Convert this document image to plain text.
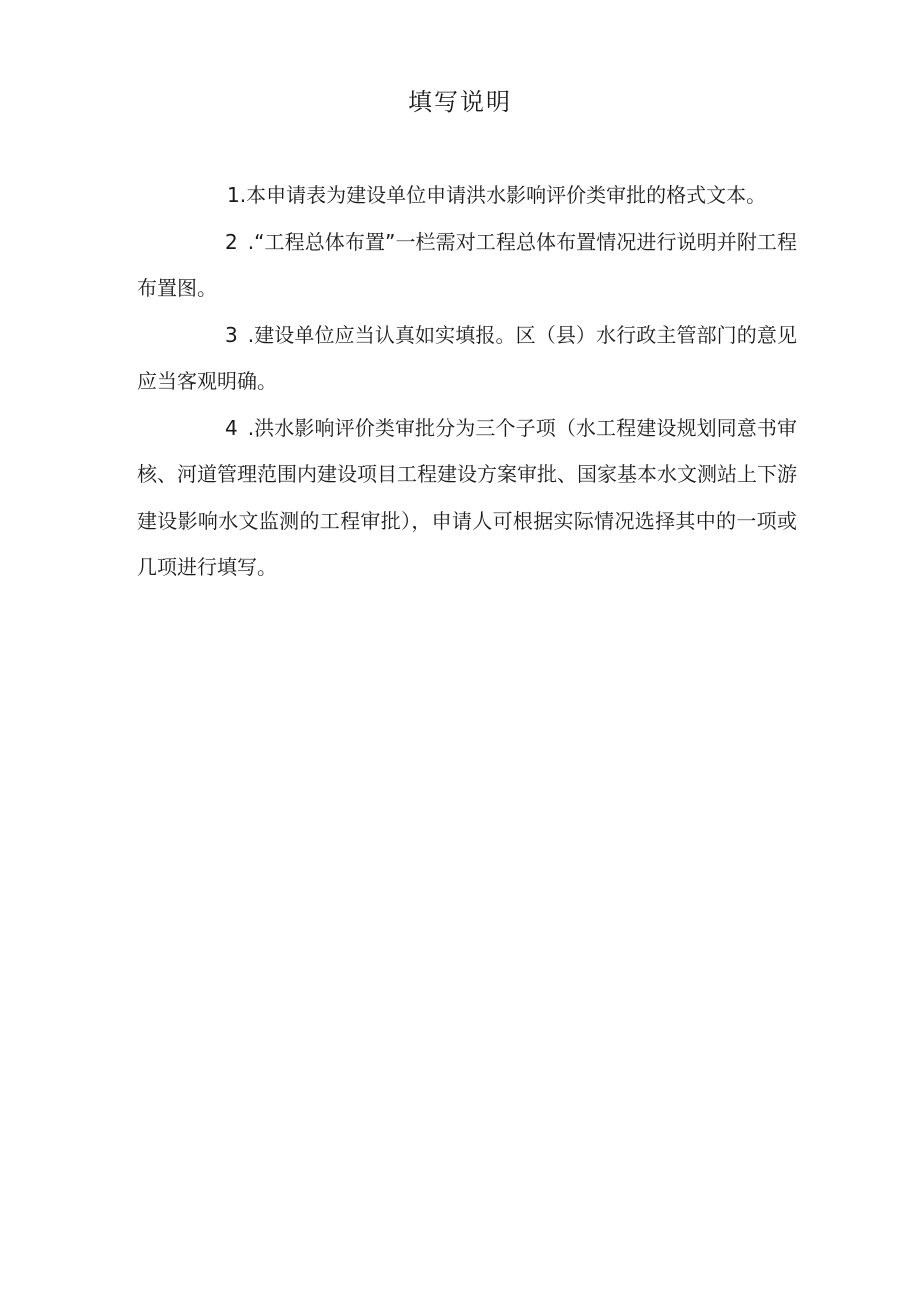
填写说明

1.本申请表为建设单位申请洪水影响评价类审批的格式文本。

2 .“工程总体布置”一栏需对工程总体布置情况进行说明并附工程布置图。

3 .建设单位应当认真如实填报。区（县）水行政主管部门的意见应当客观明确。

4 .洪水影响评价类审批分为三个子项（水工程建设规划同意书审核、河道管理范围内建设项目工程建设方案审批、国家基本水文测站上下游建设影响水文监测的工程审批），申请人可根据实际情况选择其中的一项或几项进行填写。
